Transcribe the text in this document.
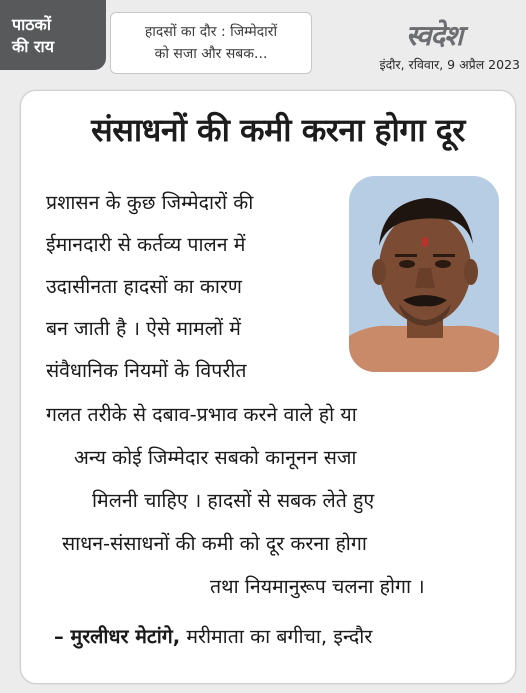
पाठकों
की राय
हादसों का दौर : जिम्मेदारों
को सजा और सबक...
स्वदेश
इंदौर, रविवार, 9 अप्रैल 2023
संसाधनों की कमी करना होगा दूर
प्रशासन के कुछ जिम्मेदारों की
ईमानदारी से कर्तव्य पालन में
उदासीनता हादसों का कारण
बन जाती है । ऐसे मामलों में
संवैधानिक नियमों के विपरीत
गलत तरीके से दबाव-प्रभाव करने वाले हो या
अन्य कोई जिम्मेदार सबको कानूनन सजा
मिलनी चाहिए । हादसों से सबक लेते हुए
साधन-संसाधनों की कमी को दूर करना होगा
तथा नियमानुरूप चलना होगा ।
– मुरलीधर मेटांगे, मरीमाता का बगीचा, इन्दौर
